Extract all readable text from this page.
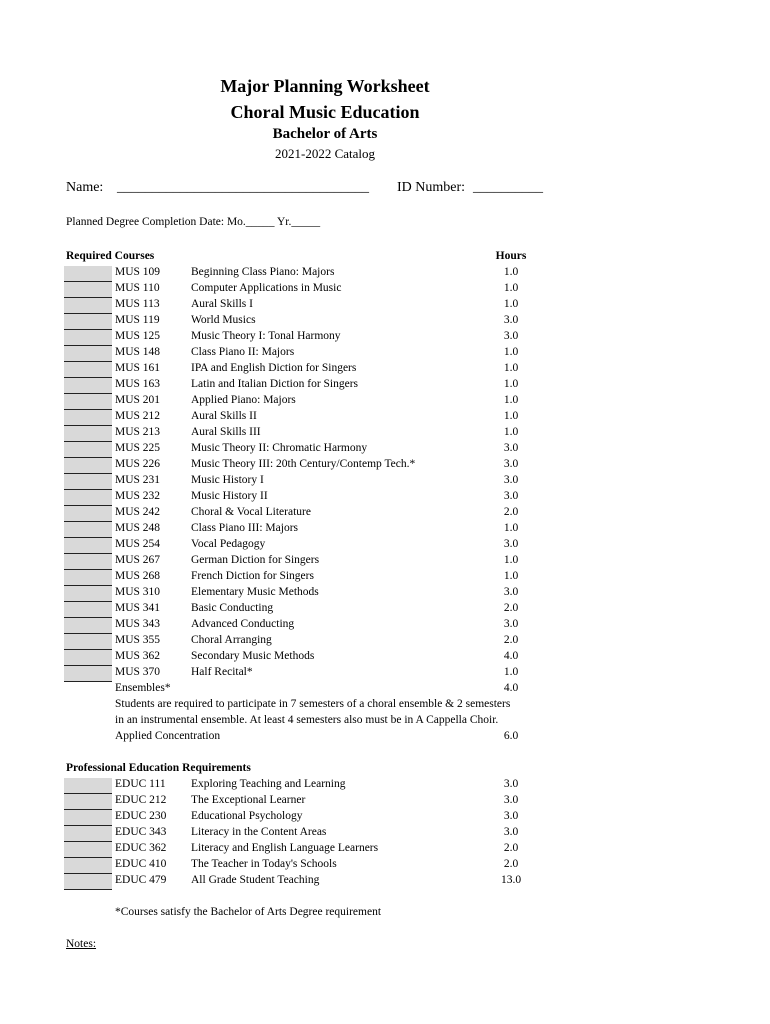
Major Planning Worksheet
Choral Music Education
Bachelor of Arts
2021-2022 Catalog
Name: ____________________________________ ID Number: __________
Planned Degree Completion Date: Mo._____ Yr._____
Required Courses	Hours
MUS 109	Beginning Class Piano: Majors	1.0
MUS 110	Computer Applications in Music	1.0
MUS 113	Aural Skills I	1.0
MUS 119	World Musics	3.0
MUS 125	Music Theory I: Tonal Harmony	3.0
MUS 148	Class Piano II: Majors	1.0
MUS 161	IPA and English Diction for Singers	1.0
MUS 163	Latin and Italian Diction for Singers	1.0
MUS 201	Applied Piano: Majors	1.0
MUS 212	Aural Skills II	1.0
MUS 213	Aural Skills III	1.0
MUS 225	Music Theory II: Chromatic Harmony	3.0
MUS 226	Music Theory III: 20th Century/Contemp Tech.*	3.0
MUS 231	Music History I	3.0
MUS 232	Music History II	3.0
MUS 242	Choral & Vocal Literature	2.0
MUS 248	Class Piano III: Majors	1.0
MUS 254	Vocal Pedagogy	3.0
MUS 267	German Diction for Singers	1.0
MUS 268	French Diction for Singers	1.0
MUS 310	Elementary Music Methods	3.0
MUS 341	Basic Conducting	2.0
MUS 343	Advanced Conducting	3.0
MUS 355	Choral Arranging	2.0
MUS 362	Secondary Music Methods	4.0
MUS 370	Half Recital*	1.0
Ensembles*	4.0
Students are required to participate in 7 semesters of a choral ensemble & 2 semesters
in an instrumental ensemble. At least 4 semesters also must be in A Cappella Choir.
Applied Concentration	6.0
Professional Education Requirements
EDUC 111 Exploring Teaching and Learning	3.0
EDUC 212 The Exceptional Learner	3.0
EDUC 230 Educational Psychology	3.0
EDUC 343 Literacy in the Content Areas	3.0
EDUC 362 Literacy and English Language Learners	2.0
EDUC 410 The Teacher in Today's Schools	2.0
EDUC 479 All Grade Student Teaching	13.0
*Courses satisfy the Bachelor of Arts Degree requirement
Notes:
